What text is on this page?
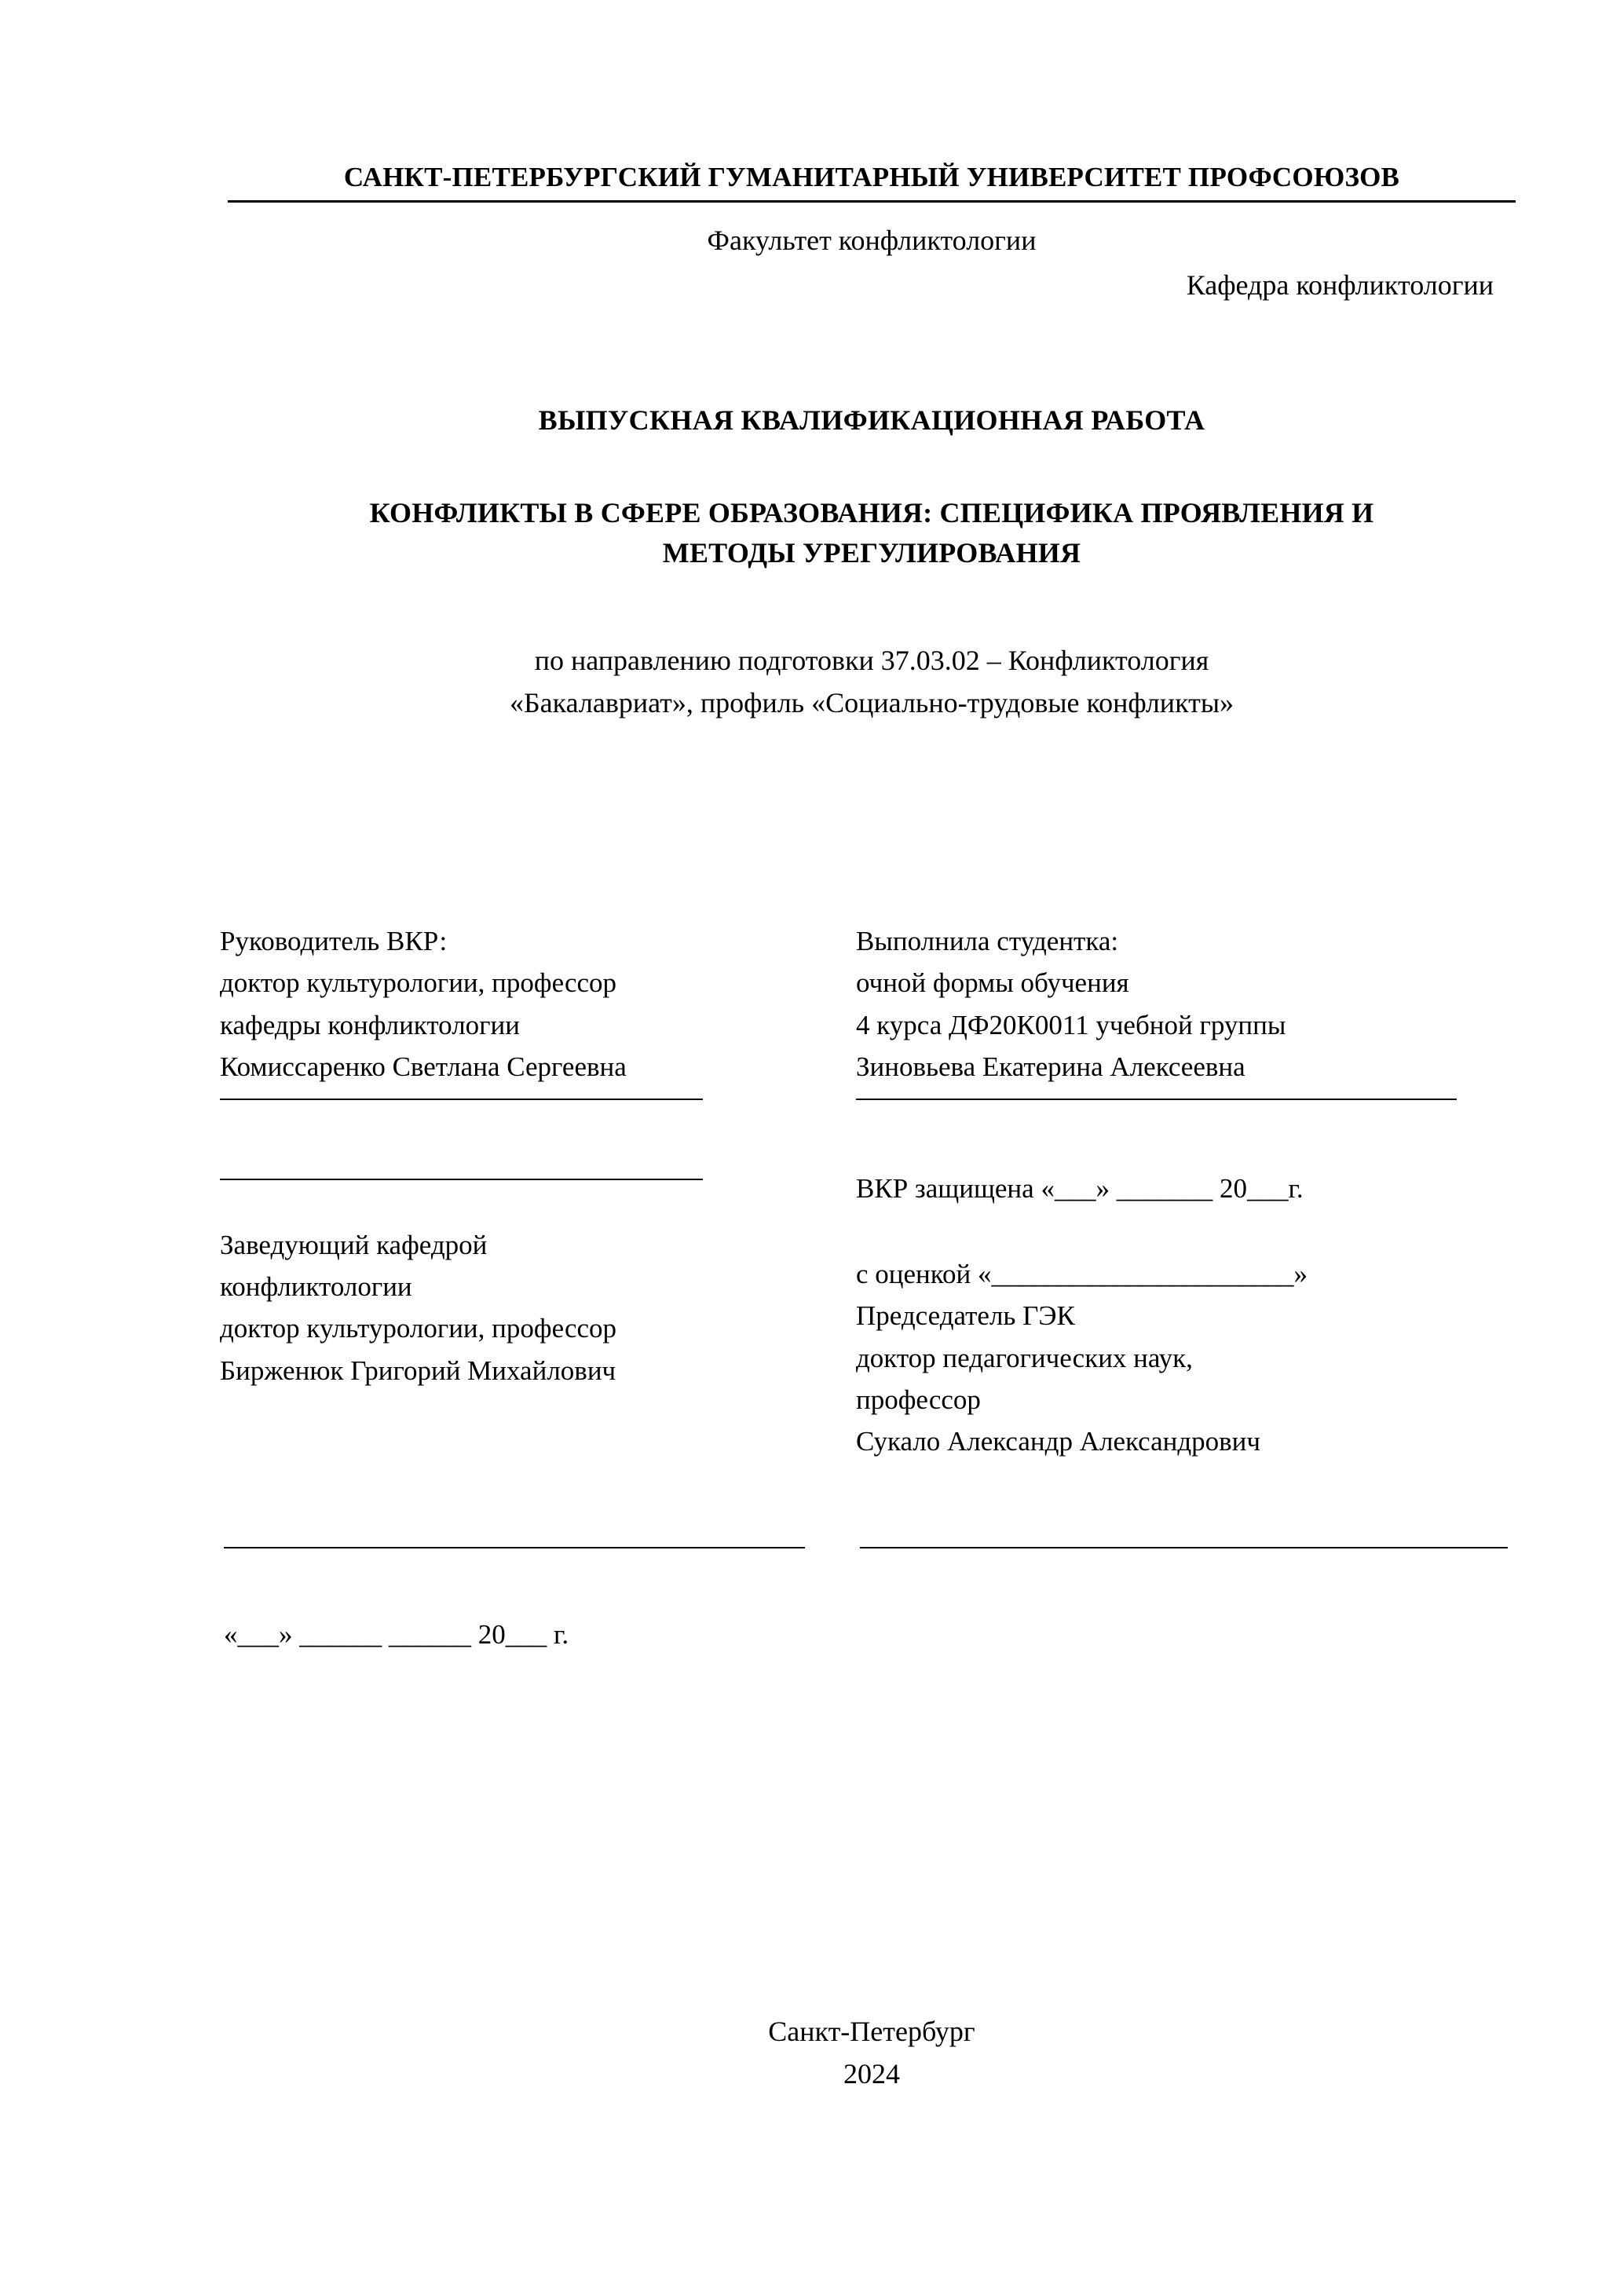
САНКТ-ПЕТЕРБУРГСКИЙ ГУМАНИТАРНЫЙ УНИВЕРСИТЕТ ПРОФСОЮЗОВ
Факультет конфликтологии
Кафедра конфликтологии
ВЫПУСКНАЯ КВАЛИФИКАЦИОННАЯ РАБОТА
КОНФЛИКТЫ В СФЕРЕ ОБРАЗОВАНИЯ: СПЕЦИФИКА ПРОЯВЛЕНИЯ И МЕТОДЫ УРЕГУЛИРОВАНИЯ
по направлению подготовки 37.03.02 – Конфликтология
«Бакалавриат», профиль «Социально-трудовые конфликты»
Руководитель ВКР:
доктор культурологии, профессор
кафедры конфликтологии
Комиссаренко Светлана Сергеевна
Заведующий кафедрой
конфликтологии
доктор культурологии, профессор
Бирженюк Григорий Михайлович
Выполнила студентка:
очной формы обучения
4 курса ДФ20К0011 учебной группы
Зиновьева Екатерина Алексеевна
ВКР защищена «___» _______ 20___г.
с оценкой «______________________»
Председатель ГЭК
доктор педагогических наук,
профессор
Сукало Александр Александрович
«___» ______ ______ 20___ г.
Санкт-Петербург
2024
